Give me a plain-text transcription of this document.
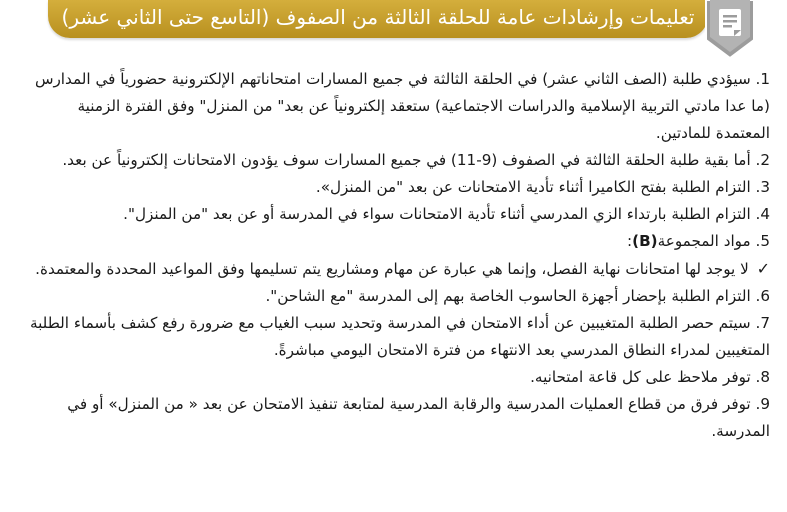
تعليمات وإرشادات عامة للحلقة الثالثة من الصفوف (التاسع حتى الثاني عشر)
1. سيؤدي طلبة (الصف الثاني عشر) في الحلقة الثالثة في جميع المسارات امتحاناتهم الإلكترونية حضورياً في المدارس (ما عدا مادتي التربية الإسلامية والدراسات الاجتماعية) ستعقد إلكترونياً عن بعد" من المنزل" وفق الفترة الزمنية المعتمدة للمادتين.
2. أما بقية طلبة الحلقة الثالثة في الصفوف (9-11) في جميع المسارات سوف يؤدون الامتحانات إلكترونياً عن بعد.
3. التزام الطلبة بفتح الكاميرا أثناء تأدية الامتحانات عن بعد "من المنزل».
4. التزام الطلبة بارتداء الزي المدرسي أثناء تأدية الامتحانات سواء في المدرسة أو عن بعد "من المنزل".
5. مواد المجموعة(B):
✓ لا يوجد لها امتحانات نهاية الفصل، وإنما هي عبارة عن مهام ومشاريع يتم تسليمها وفق المواعيد المحددة والمعتمدة.
6. التزام الطلبة بإحضار أجهزة الحاسوب الخاصة بهم إلى المدرسة "مع الشاحن".
7. سيتم حصر الطلبة المتغيبين عن أداء الامتحان في المدرسة وتحديد سبب الغياب مع ضرورة رفع كشف بأسماء الطلبة المتغيبين لمدراء النطاق المدرسي بعد الانتهاء من فترة الامتحان اليومي مباشرةً.
8. توفر ملاحظ على كل قاعة امتحانيه.
9. توفر فرق من قطاع العمليات المدرسية والرقابة المدرسية لمتابعة تنفيذ الامتحان عن بعد « من المنزل» أو في المدرسة.
